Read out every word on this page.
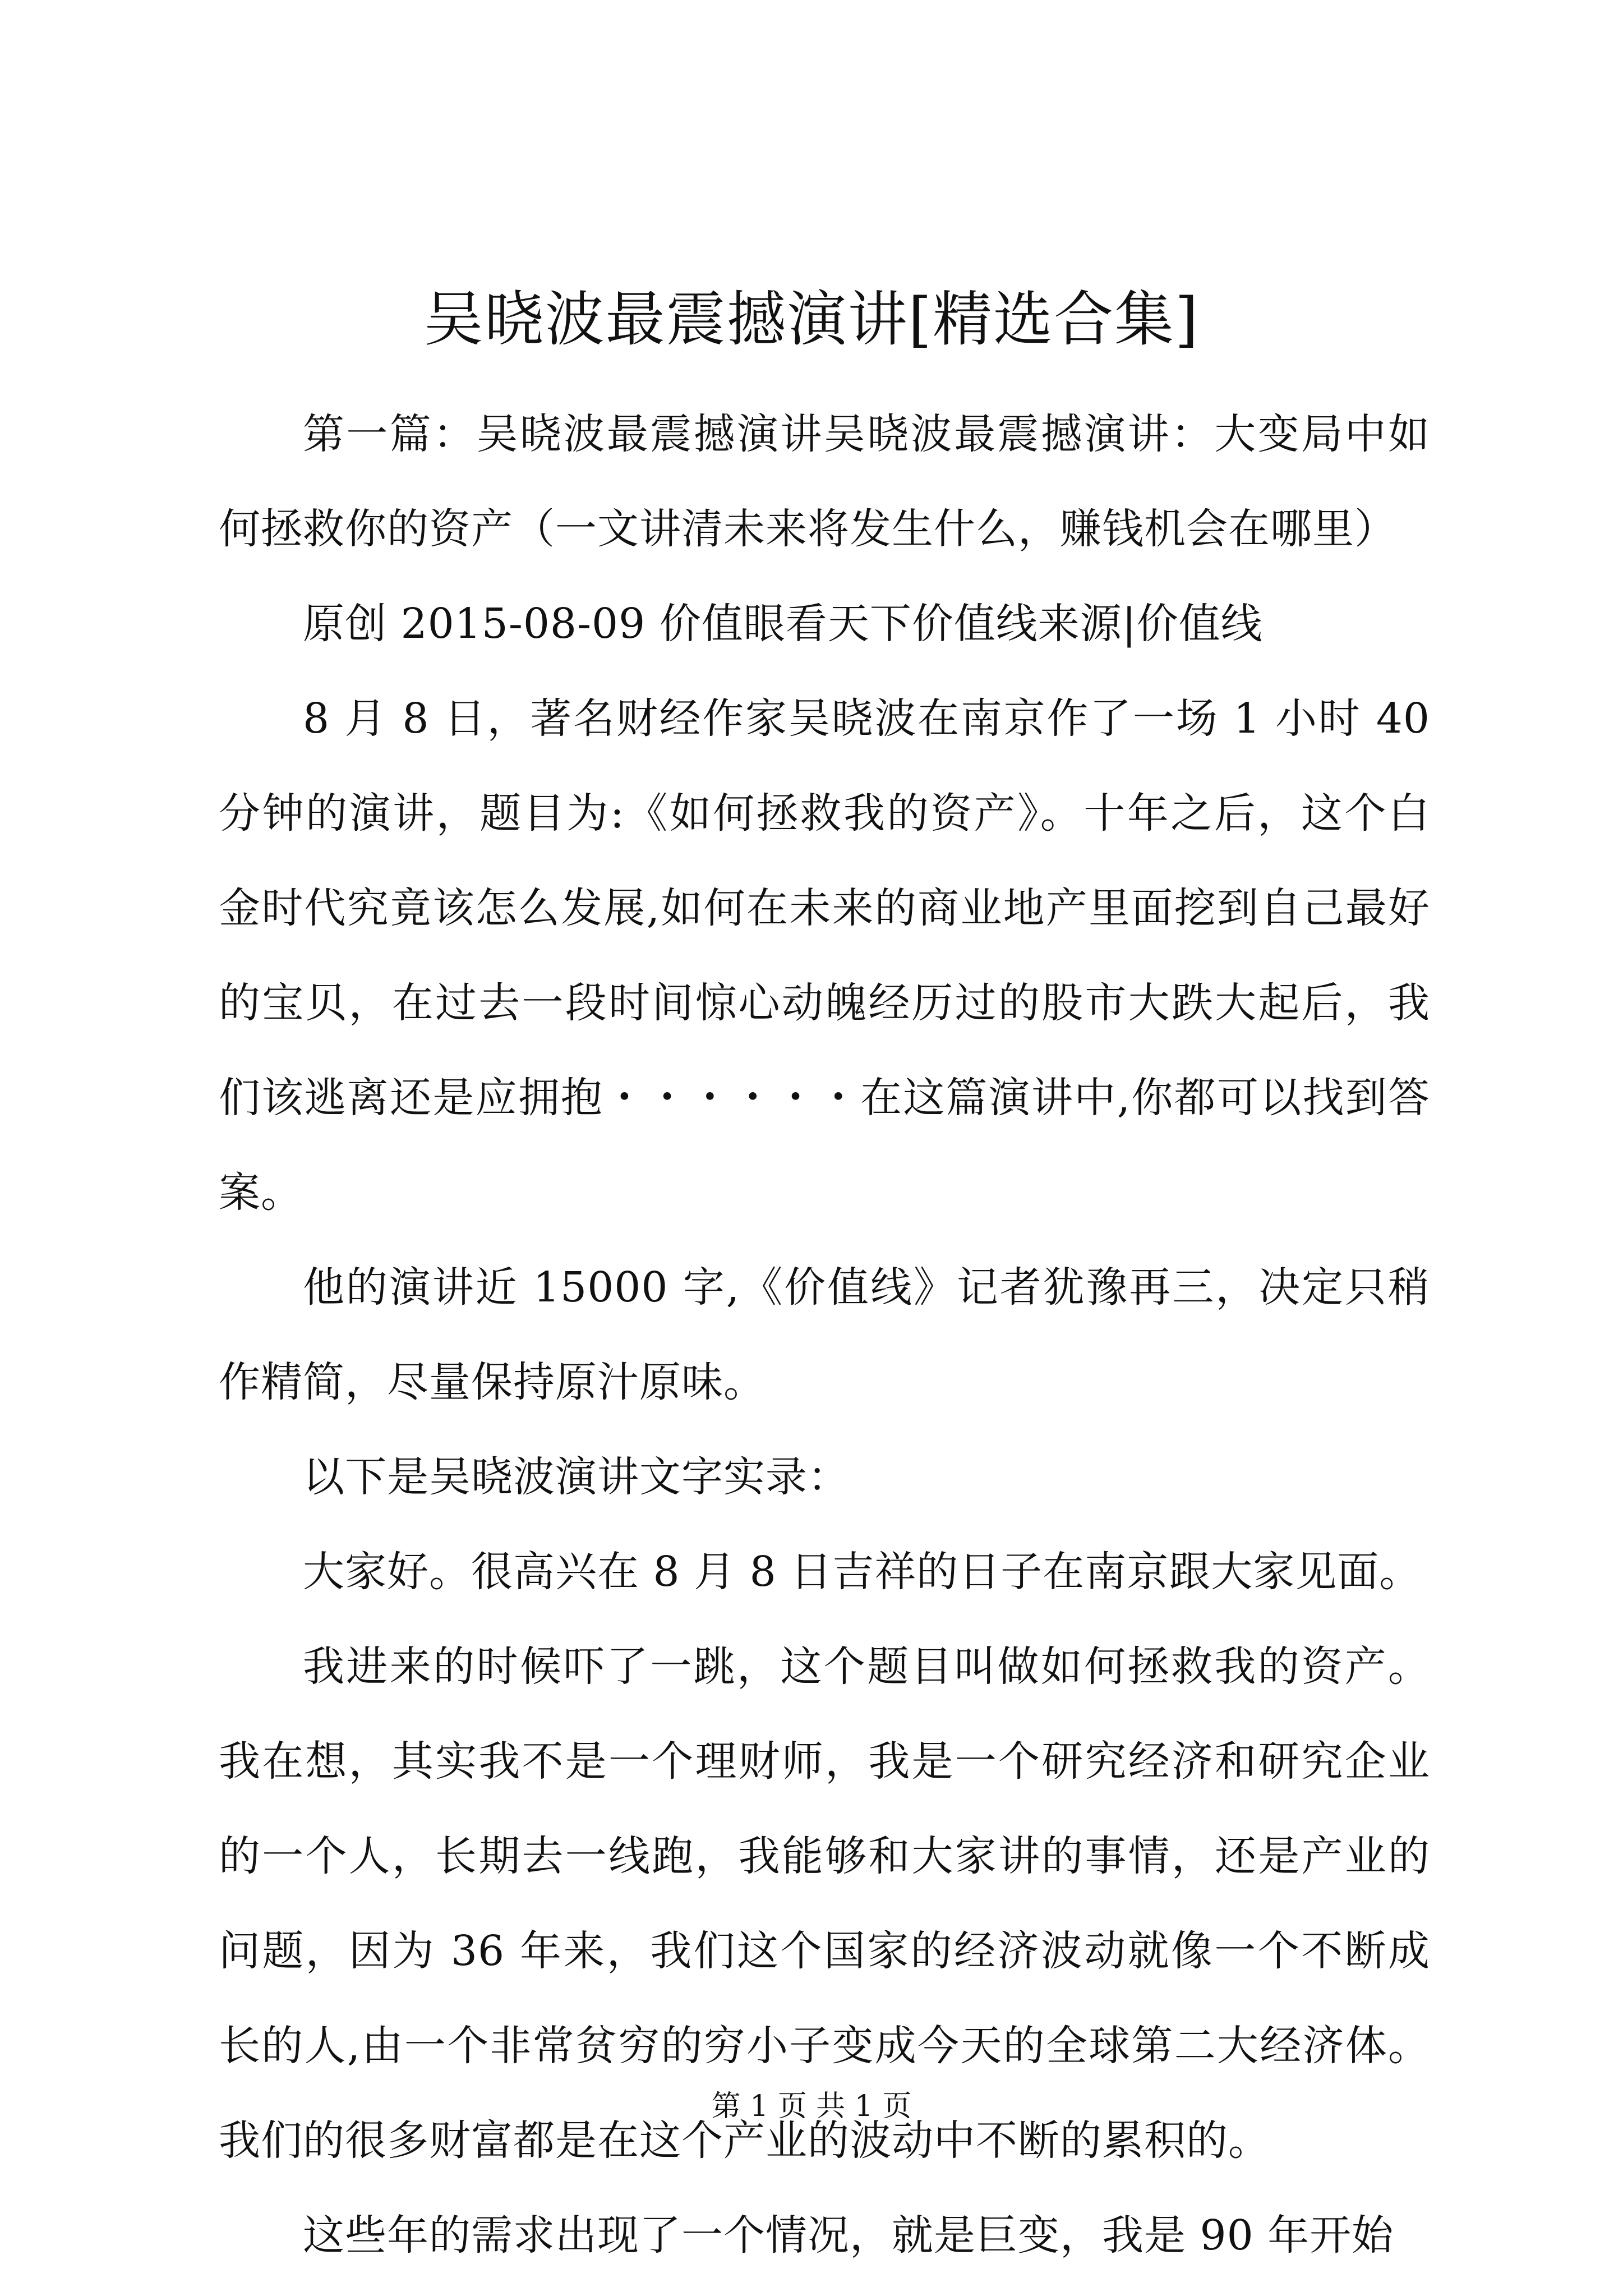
吴晓波最震撼演讲[精选合集]

第一篇：吴晓波最震撼演讲吴晓波最震撼演讲：大变局中如何拯救你的资产（一文讲清未来将发生什么，赚钱机会在哪里）

原创 2015-08-09 价值眼看天下价值线来源|价值线

8 月 8 日，著名财经作家吴晓波在南京作了一场 1 小时 40 分钟的演讲，题目为:《如何拯救我的资产》。十年之后，这个白金时代究竟该怎么发展,如何在未来的商业地产里面挖到自己最好的宝贝，在过去一段时间惊心动魄经历过的股市大跌大起后，我们该逃离还是应拥抱・・・・・・在这篇演讲中,你都可以找到答案。

他的演讲近 15000 字,《价值线》记者犹豫再三，决定只稍作精简，尽量保持原汁原味。

以下是吴晓波演讲文字实录：

大家好。很高兴在 8 月 8 日吉祥的日子在南京跟大家见面。

我进来的时候吓了一跳，这个题目叫做如何拯救我的资产。我在想，其实我不是一个理财师，我是一个研究经济和研究企业的一个人，长期去一线跑，我能够和大家讲的事情，还是产业的问题，因为 36 年来，我们这个国家的经济波动就像一个不断成长的人,由一个非常贫穷的穷小子变成今天的全球第二大经济体。我们的很多财富都是在这个产业的波动中不断的累积的。

这些年的需求出现了一个情况，就是巨变，我是 90 年开始

第 1 页 共 1 页
